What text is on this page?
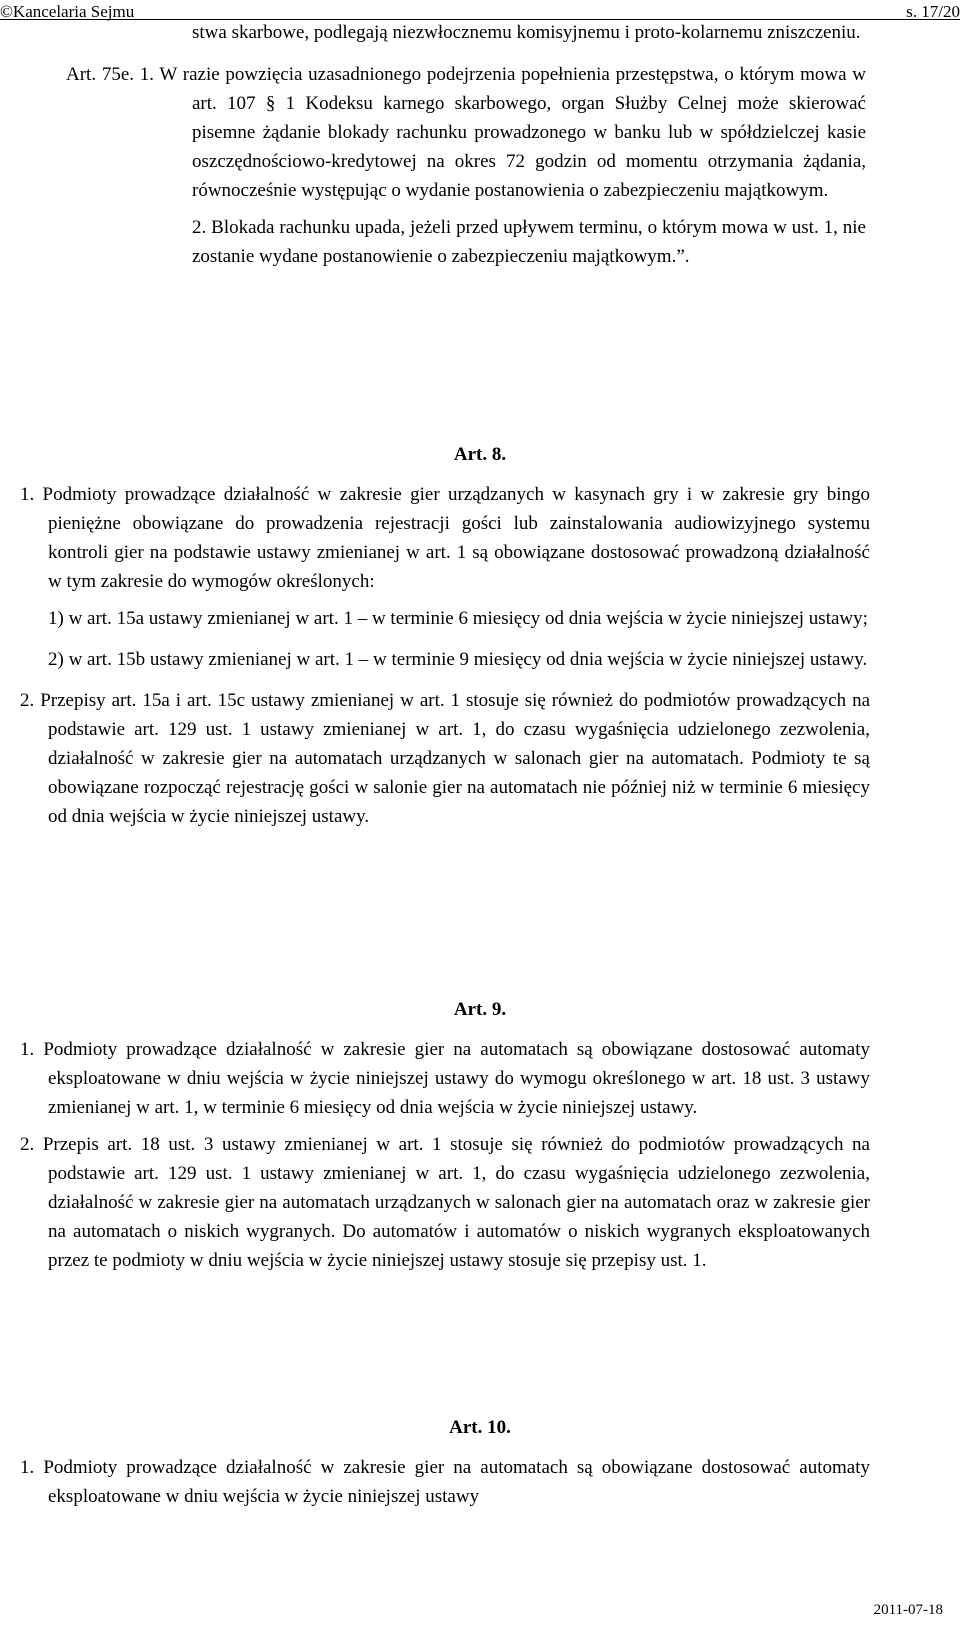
©Kancelaria Sejmu	s. 17/20

stwa skarbowe, podlegają niezwłocznemu komisyjnemu i proto-kolarnemu zniszczeniu.

Art. 75e. 1. W razie powzięcia uzasadnionego podejrzenia popełnienia przestępstwa, o którym mowa w art. 107 § 1 Kodeksu karnego skarbowego, organ Służby Celnej może skierować pisemne żądanie blokady rachunku prowadzonego w banku lub w spółdzielczej kasie oszczędnościowo-kredytowej na okres 72 godzin od momentu otrzymania żądania, równocześnie występując o wydanie postanowienia o zabezpieczeniu majątkowym.

2. Blokada rachunku upada, jeżeli przed upływem terminu, o którym mowa w ust. 1, nie zostanie wydane postanowienie o zabezpieczeniu majątkowym.”.

Art. 8.

1. Podmioty prowadzące działalność w zakresie gier urządzanych w kasynach gry i w zakresie gry bingo pieniężne obowiązane do prowadzenia rejestracji gości lub zainstalowania audiowizyjnego systemu kontroli gier na podstawie ustawy zmienianej w art. 1 są obowiązane dostosować prowadzoną działalność w tym zakresie do wymogów określonych:

1) w art. 15a ustawy zmienianej w art. 1 – w terminie 6 miesięcy od dnia wejścia w życie niniejszej ustawy;

2) w art. 15b ustawy zmienianej w art. 1 – w terminie 9 miesięcy od dnia wejścia w życie niniejszej ustawy.

2. Przepisy art. 15a i art. 15c ustawy zmienianej w art. 1 stosuje się również do podmiotów prowadzących na podstawie art. 129 ust. 1 ustawy zmienianej w art. 1, do czasu wygaśnięcia udzielonego zezwolenia, działalność w zakresie gier na automatach urządzanych w salonach gier na automatach. Podmioty te są obowiązane rozpocząć rejestrację gości w salonie gier na automatach nie później niż w terminie 6 miesięcy od dnia wejścia w życie niniejszej ustawy.

Art. 9.

1. Podmioty prowadzące działalność w zakresie gier na automatach są obowiązane dostosować automaty eksploatowane w dniu wejścia w życie niniejszej ustawy do wymogu określonego w art. 18 ust. 3 ustawy zmienianej w art. 1, w terminie 6 miesięcy od dnia wejścia w życie niniejszej ustawy.

2. Przepis art. 18 ust. 3 ustawy zmienianej w art. 1 stosuje się również do podmiotów prowadzących na podstawie art. 129 ust. 1 ustawy zmienianej w art. 1, do czasu wygaśnięcia udzielonego zezwolenia, działalność w zakresie gier na automatach urządzanych w salonach gier na automatach oraz w zakresie gier na automatach o niskich wygranych. Do automatów i automatów o niskich wygranych eksploatowanych przez te podmioty w dniu wejścia w życie niniejszej ustawy stosuje się przepisy ust. 1.

Art. 10.

1. Podmioty prowadzące działalność w zakresie gier na automatach są obowiązane dostosować automaty eksploatowane w dniu wejścia w życie niniejszej ustawy

2011-07-18
